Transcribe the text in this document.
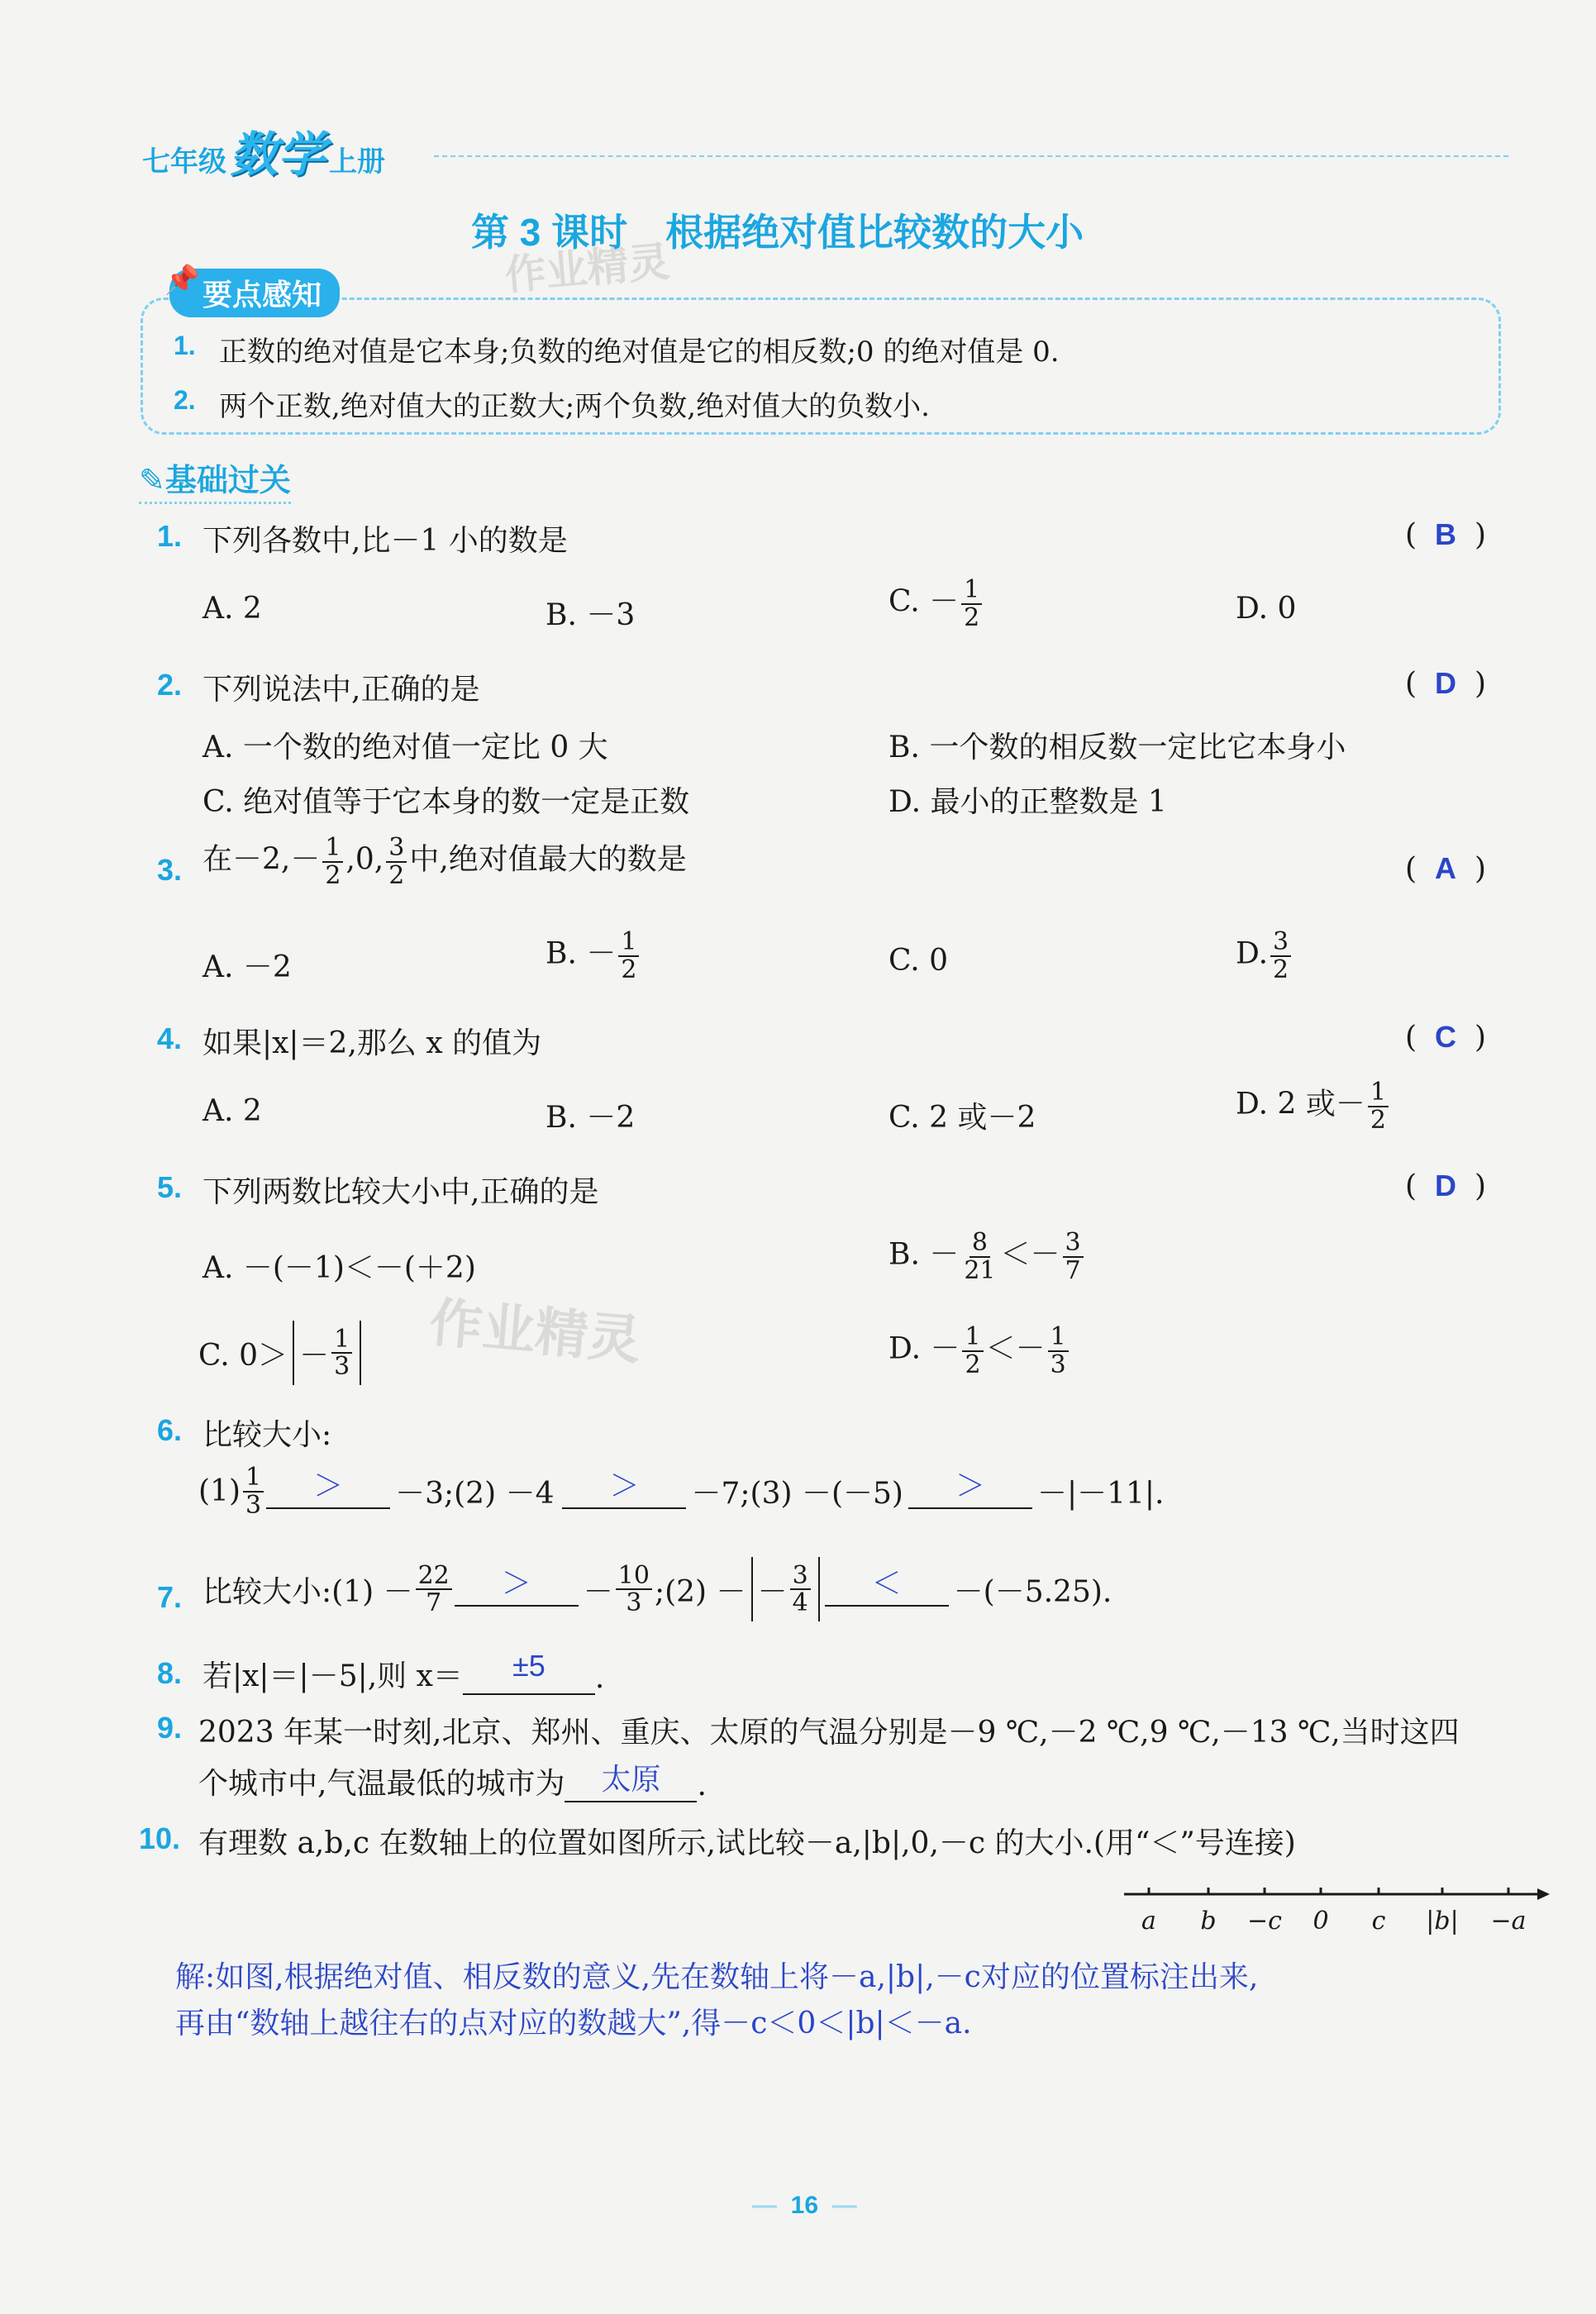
七年级数学 上册
第 3 课时　根据绝对值比较数的大小
作业精灵
📌 要点感知
1. 正数的绝对值是它本身;负数的绝对值是它的相反数;0 的绝对值是 0.
2. 两个正数,绝对值大的正数大;两个负数,绝对值大的负数小.
✎基础过关
1. 下列各数中,比－1 小的数是	( B )
A. 2	B. －3	C. － $\frac{1}{2}$	D. 0
2. 下列说法中,正确的是	( D )
A. 一个数的绝对值一定比 0 大	B. 一个数的相反数一定比它本身小
C. 绝对值等于它本身的数一定是正数	D. 最小的正整数是 1
3. 在$-2,- \frac{1}{2} ,0$, $\frac{3}{2}$ 中,绝对值最大的数是	( A )
A. －2	B. － $\frac{1}{2}$	C. 0	D. $\frac{3}{2}$
4. 如果|x|＝2,那么 x 的值为	( C )
A. 2	B. －2	C. 2 或－2	D. 2 或－ $\frac{1}{2}$
5. 下列两数比较大小中,正确的是	( D )
A. －(－1)＜－(＋2)	B. － $\frac{8}{21} <- \frac{3}{7}$
C. $0> - \frac{1}{3}$	D. － $\frac{1}{2} <- \frac{1}{3}$
作业精灵
6. 比较大小:
$(1) \frac{1}{3}$	＞	－3;(2) －4	＞	－7;(3) －(－5)	＞	－|－11|.
7. 比较大小:(1) － $\frac{22}{7}$	＞	－ $\frac{10}{3}$ ;(2) － － $\frac{3}{4}$	＜	－(－5.25).
8. 若|x|＝|－5|,则 x＝	±5	.
9. 2023 年某一时刻,北京、郑州、重庆、太原的气温分别是－9 ℃,－2 ℃,9 ℃,－13 ℃,当时这四
个城市中,气温最低的城市为	太原	.
10. 有理数 a,b,c 在数轴上的位置如图所示,试比较－a,|b|,0,－c 的大小.(用“＜”号连接)
a b −c 0 c |b| −a
解:如图,根据绝对值、相反数的意义,先在数轴上将－a,|b|,－c对应的位置标注出来,
再由“数轴上越往右的点对应的数越大”,得－c＜0＜|b|＜－a.
—  16  —
